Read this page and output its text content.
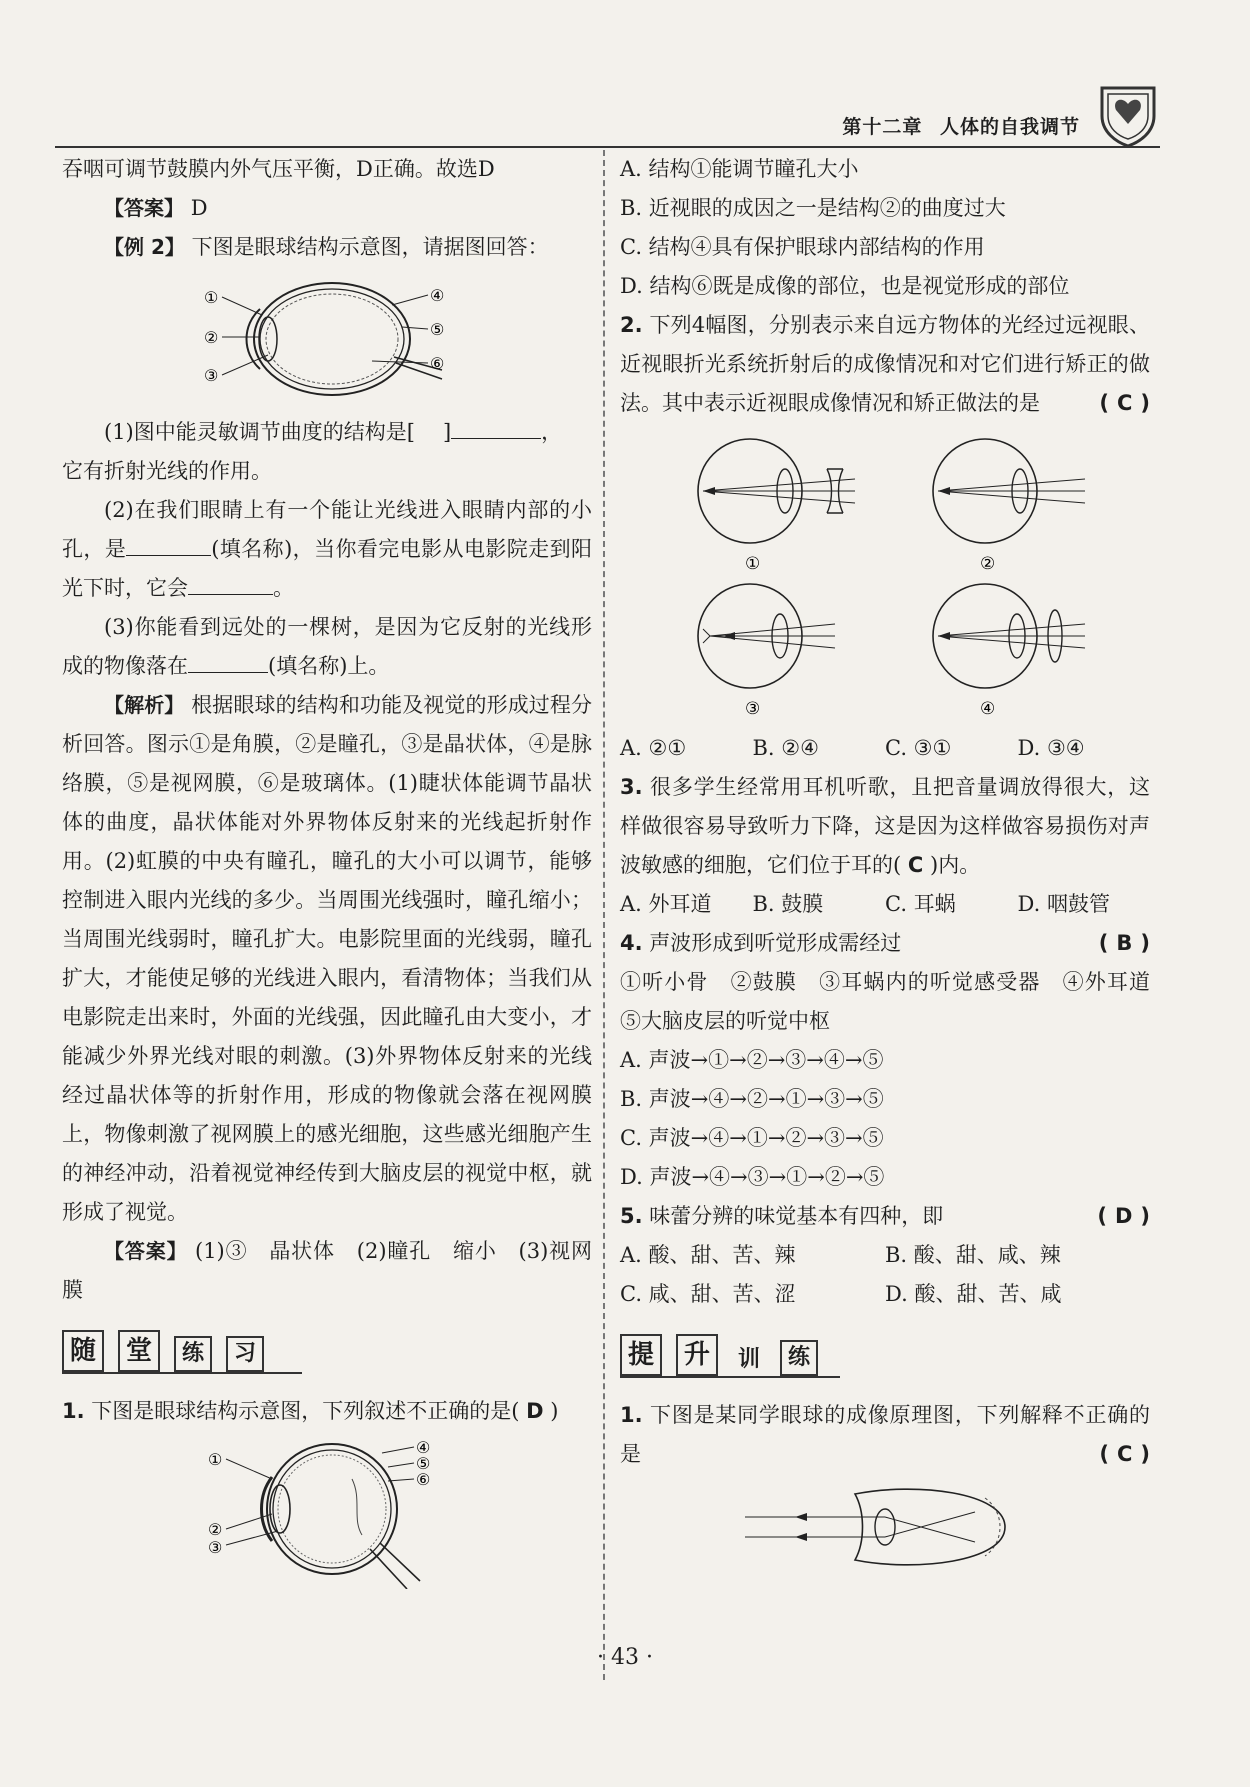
第十二章 人体的自我调节

吞咽可调节鼓膜内外气压平衡，D正确。故选D

【答案】 D

【例 2】 下图是眼球结构示意图，请据图回答：

①
②
③
④
⑤
⑥

(1)图中能灵敏调节曲度的结构是[ ]	，
它有折射光线的作用。

(2)在我们眼睛上有一个能让光线进入眼睛内部的小孔，是	(填名称)，当你看完电影从电影院走到阳光下时，它会	。

(3)你能看到远处的一棵树，是因为它反射的光线形成的物像落在	(填名称)上。

【解析】 根据眼球的结构和功能及视觉的形成过程分析回答。图示①是角膜，②是瞳孔，③是晶状体，④是脉络膜，⑤是视网膜，⑥是玻璃体。(1)睫状体能调节晶状体的曲度，晶状体能对外界物体反射来的光线起折射作用。(2)虹膜的中央有瞳孔，瞳孔的大小可以调节，能够控制进入眼内光线的多少。当周围光线强时，瞳孔缩小；当周围光线弱时，瞳孔扩大。电影院里面的光线弱，瞳孔扩大，才能使足够的光线进入眼内，看清物体；当我们从电影院走出来时，外面的光线强，因此瞳孔由大变小，才能减少外界光线对眼的刺激。(3)外界物体反射来的光线经过晶状体等的折射作用，形成的物像就会落在视网膜上，物像刺激了视网膜上的感光细胞，这些感光细胞产生的神经冲动，沿着视觉神经传到大脑皮层的视觉中枢，就形成了视觉。

【答案】 (1)③　晶状体　(2)瞳孔　缩小　(3)视网膜

随	堂	练	习

1. 下图是眼球结构示意图，下列叙述不正确的是( D )

①
②
③
④
⑤
⑥

A. 结构①能调节瞳孔大小

B. 近视眼的成因之一是结构②的曲度过大

C. 结构④具有保护眼球内部结构的作用

D. 结构⑥既是成像的部位，也是视觉形成的部位

2. 下列4幅图，分别表示来自远方物体的光经过远视眼、近视眼折光系统折射后的成像情况和对它们进行矫正的做法。其中表示近视眼成像情况和矫正做法的是	( C )

①	②
③	④
A. ②①	B. ②④	C. ③①	D. ③④

3. 很多学生经常用耳机听歌，且把音量调放得很大，这样做很容易导致听力下降，这是因为这样做容易损伤对声波敏感的细胞，它们位于耳的( C )内。

A. 外耳道	B. 鼓膜	C. 耳蜗	D. 咽鼓管

4. 声波形成到听觉形成需经过	( B )

①听小骨　②鼓膜　③耳蜗内的听觉感受器　④外耳道　⑤大脑皮层的听觉中枢

A. 声波→①→②→③→④→⑤

B. 声波→④→②→①→③→⑤

C. 声波→④→①→②→③→⑤

D. 声波→④→③→①→②→⑤

5. 味蕾分辨的味觉基本有四种，即	( D )

A. 酸、甜、苦、辣	B. 酸、甜、咸、辣
C. 咸、甜、苦、涩	D. 酸、甜、苦、咸
提	升	训	练

1. 下图是某同学眼球的成像原理图，下列解释不正确的是	( C )

· 43 ·
